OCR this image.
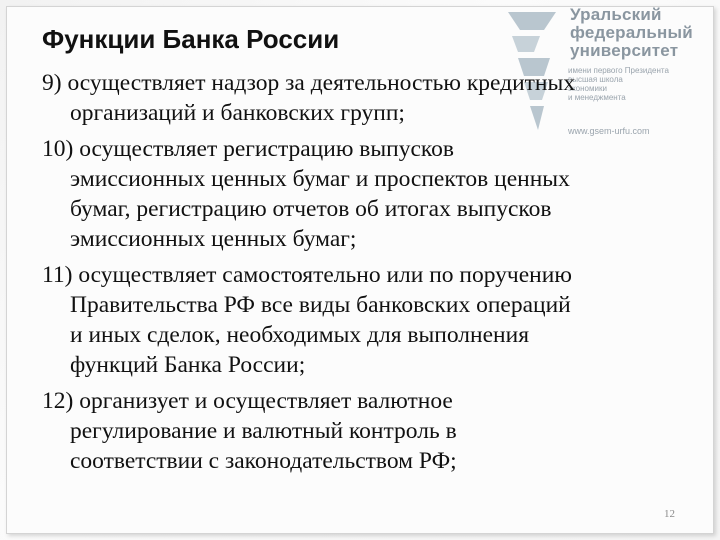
Уральский
федеральный
университет
имени первого Президента
высшая школа
экономики
и менеджмента
www.gsem-urfu.com
Функции Банка России
9) осуществляет надзор за деятельностью кредитных
организаций и банковских групп;
10) осуществляет регистрацию выпусков
эмиссионных ценных бумаг и проспектов ценных
бумаг, регистрацию отчетов об итогах выпусков
эмиссионных ценных бумаг;
11) осуществляет самостоятельно или по поручению
Правительства РФ все виды банковских операций
и иных сделок, необходимых для выполнения
функций Банка России;
12) организует и осуществляет валютное
регулирование и валютный контроль в
соответствии с законодательством РФ;
12
